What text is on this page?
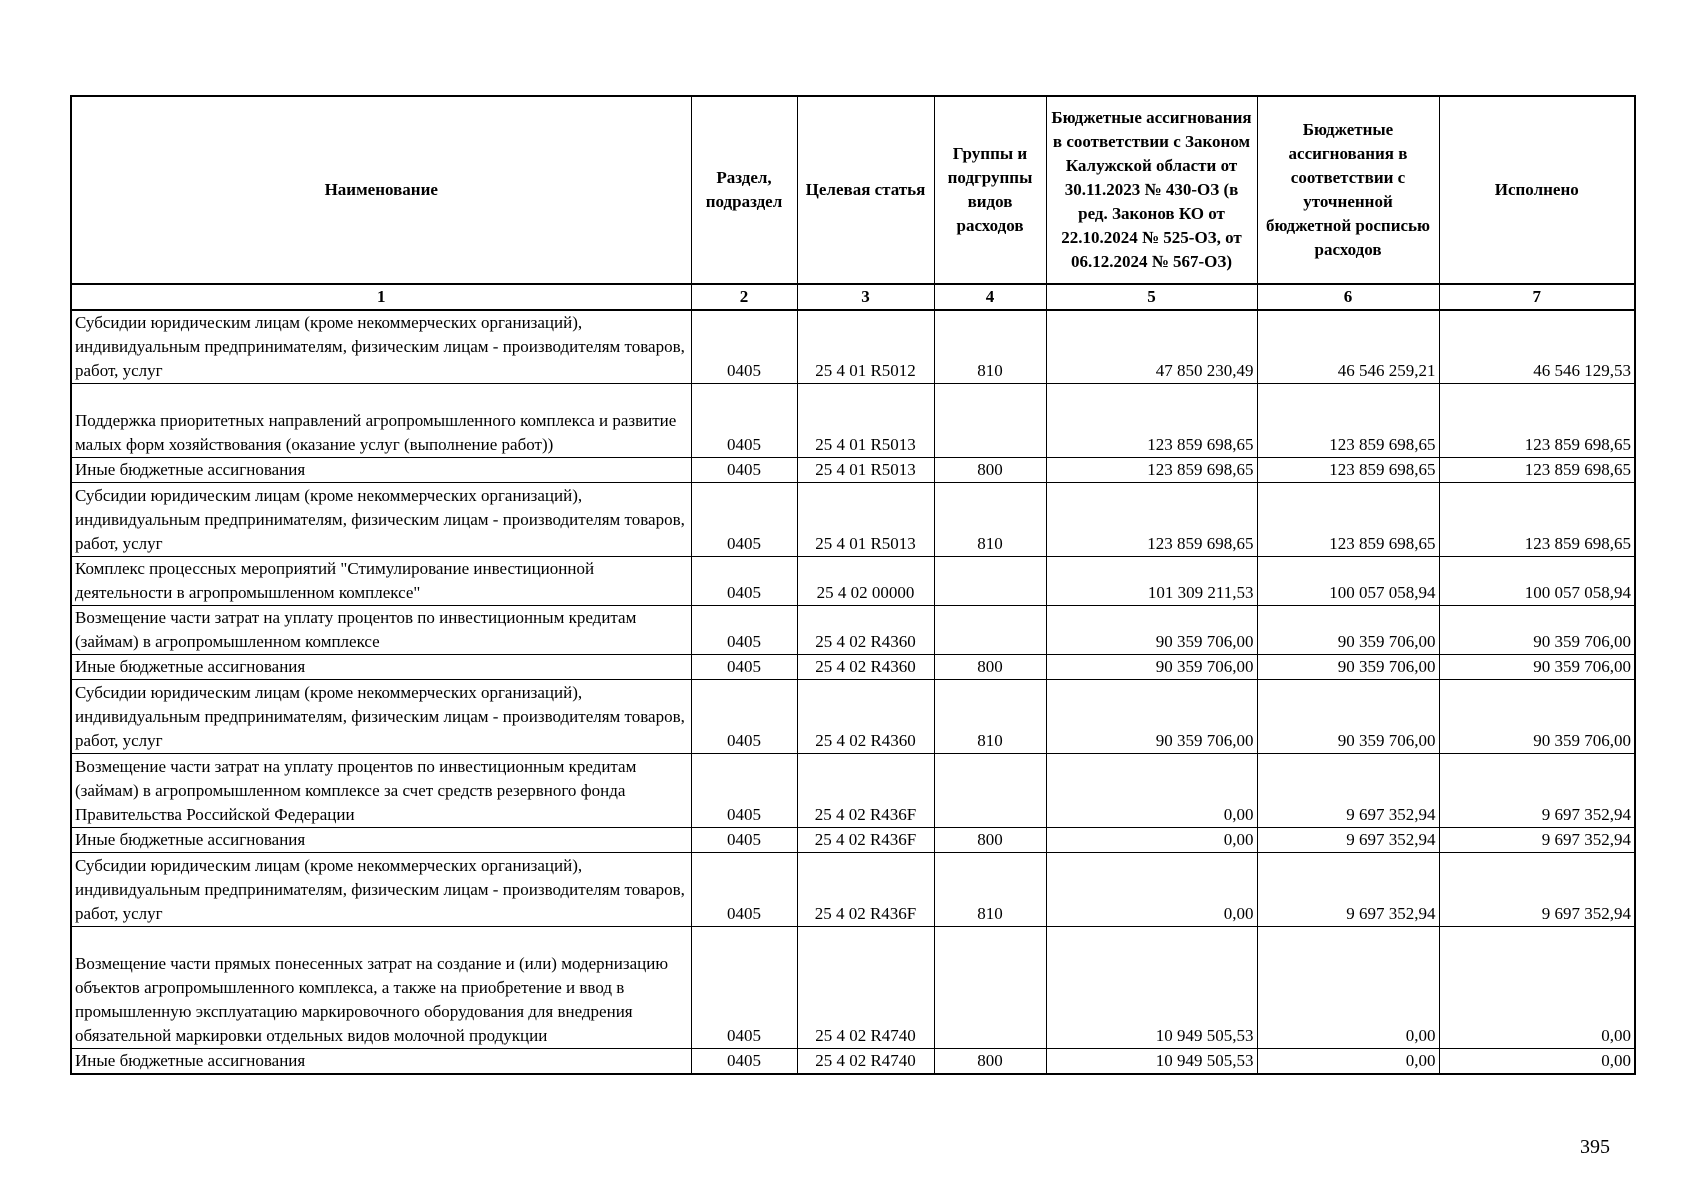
Наименование	Раздел, подраздел	Целевая статья	Группы и подгруппы видов расходов	Бюджетные ассигнования в соответствии с Законом Калужской области от 30.11.2023 № 430-ОЗ (в ред. Законов КО от 22.10.2024 № 525-ОЗ, от 06.12.2024 № 567-ОЗ)	Бюджетные ассигнования в соответствии с уточненной бюджетной росписью расходов	Исполнено
1	2	3	4	5	6	7
Субсидии юридическим лицам (кроме некоммерческих организаций), индивидуальным предпринимателям, физическим лицам - производителям товаров, работ, услуг	0405	25 4 01 R5012	810	47 850 230,49	46 546 259,21	46 546 129,53
Поддержка приоритетных направлений агропромышленного комплекса и развитие малых форм хозяйствования (оказание услуг (выполнение работ))	0405	25 4 01 R5013		123 859 698,65	123 859 698,65	123 859 698,65
Иные бюджетные ассигнования	0405	25 4 01 R5013	800	123 859 698,65	123 859 698,65	123 859 698,65
Субсидии юридическим лицам (кроме некоммерческих организаций), индивидуальным предпринимателям, физическим лицам - производителям товаров, работ, услуг	0405	25 4 01 R5013	810	123 859 698,65	123 859 698,65	123 859 698,65
Комплекс процессных мероприятий "Стимулирование инвестиционной деятельности в агропромышленном комплексе"	0405	25 4 02 00000		101 309 211,53	100 057 058,94	100 057 058,94
Возмещение части затрат на уплату процентов по инвестиционным кредитам (займам) в агропромышленном комплексе	0405	25 4 02 R4360		90 359 706,00	90 359 706,00	90 359 706,00
Иные бюджетные ассигнования	0405	25 4 02 R4360	800	90 359 706,00	90 359 706,00	90 359 706,00
Субсидии юридическим лицам (кроме некоммерческих организаций), индивидуальным предпринимателям, физическим лицам - производителям товаров, работ, услуг	0405	25 4 02 R4360	810	90 359 706,00	90 359 706,00	90 359 706,00
Возмещение части затрат на уплату процентов по инвестиционным кредитам (займам) в агропромышленном комплексе за счет средств резервного фонда Правительства Российской Федерации	0405	25 4 02 R436F		0,00	9 697 352,94	9 697 352,94
Иные бюджетные ассигнования	0405	25 4 02 R436F	800	0,00	9 697 352,94	9 697 352,94
Субсидии юридическим лицам (кроме некоммерческих организаций), индивидуальным предпринимателям, физическим лицам - производителям товаров, работ, услуг	0405	25 4 02 R436F	810	0,00	9 697 352,94	9 697 352,94
Возмещение части прямых понесенных затрат на создание и (или) модернизацию объектов агропромышленного комплекса, а также на приобретение и ввод в промышленную эксплуатацию маркировочного оборудования для внедрения обязательной маркировки отдельных видов молочной продукции	0405	25 4 02 R4740		10 949 505,53	0,00	0,00
Иные бюджетные ассигнования	0405	25 4 02 R4740	800	10 949 505,53	0,00	0,00
395
